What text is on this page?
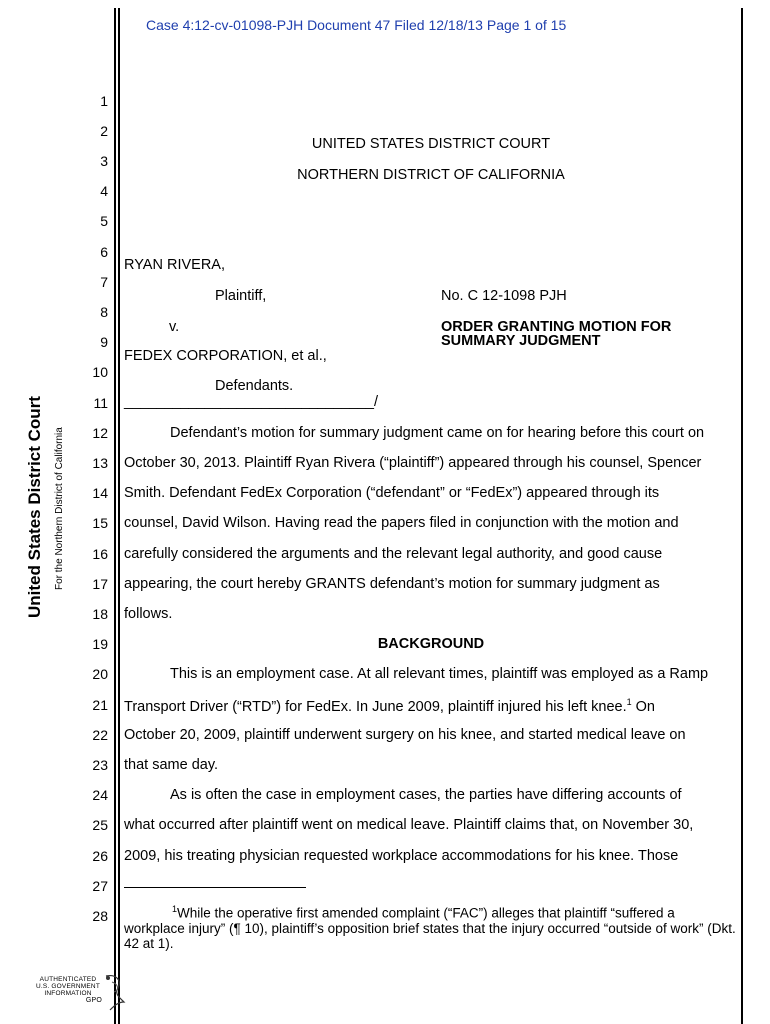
Case 4:12-cv-01098-PJH Document 47 Filed 12/18/13 Page 1 of 15
United States District Court For the Northern District of California
1
2
3
4
5
6
7
8
9
10
11
12
13
14
15
16
17
18
19
20
21
22
23
24
25
26
27
28
UNITED STATES DISTRICT COURT
NORTHERN DISTRICT OF CALIFORNIA
RYAN RIVERA,
Plaintiff,	No. C 12-1098 PJH
v.	ORDER GRANTING MOTION FOR
SUMMARY JUDGMENT
FEDEX CORPORATION, et al.,
Defendants.
_______________________________/
Defendant’s motion for summary judgment came on for hearing before this court on
October 30, 2013. Plaintiff Ryan Rivera (“plaintiff”) appeared through his counsel, Spencer
Smith. Defendant FedEx Corporation (“defendant” or “FedEx”) appeared through its
counsel, David Wilson. Having read the papers filed in conjunction with the motion and
carefully considered the arguments and the relevant legal authority, and good cause
appearing, the court hereby GRANTS defendant’s motion for summary judgment as
follows.
BACKGROUND
This is an employment case. At all relevant times, plaintiff was employed as a Ramp
Transport Driver (“RTD”) for FedEx. In June 2009, plaintiff injured his left knee.$^1$ On
October 20, 2009, plaintiff underwent surgery on his knee, and started medical leave on
that same day.
As is often the case in employment cases, the parties have differing accounts of
what occurred after plaintiff went on medical leave. Plaintiff claims that, on November 30,
2009, his treating physician requested workplace accommodations for his knee. Those
$^1$While the operative first amended complaint (“FAC”) alleges that plaintiff “suffered a workplace injury” (¶ 10), plaintiff’s opposition brief states that the injury occurred “outside of work” (Dkt. 42 at 1).
AUTHENTICATED
U.S. GOVERNMENT
INFORMATION
GPO
